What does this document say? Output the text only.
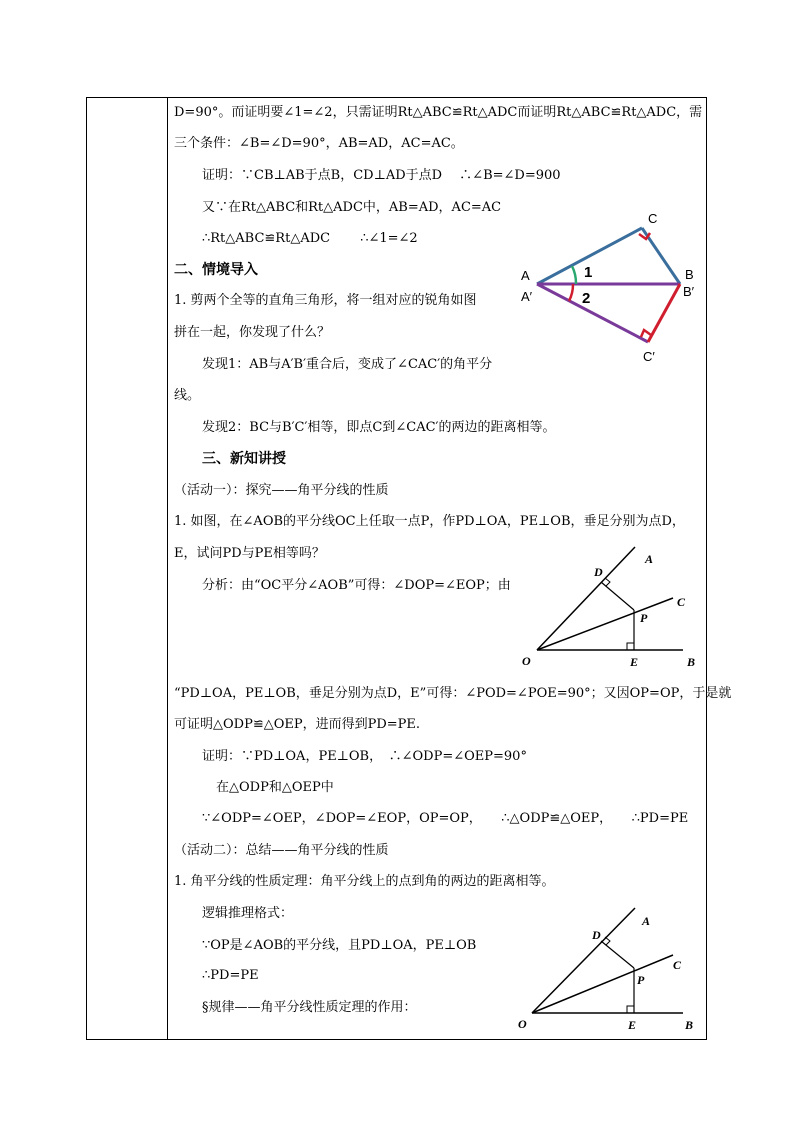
D=90°。而证明要∠1=∠2，只需证明Rt△ABC≌Rt△ADC而证明Rt△ABC≌Rt△ADC，需
三个条件：∠B=∠D=90°，AB=AD，AC=AC。
证明：∵CB⊥AB于点B，CD⊥AD于点D　 ∴∠B=∠D=900
又∵在Rt△ABC和Rt△ADC中，AB=AD，AC=AC
∴Rt△ABC≌Rt△ADC　　 ∴∠1=∠2
二、情境导入
1. 剪两个全等的直角三角形，将一组对应的锐角如图
拼在一起，你发现了什么？
发现1：AB与A′B′重合后，变成了∠CAC′的角平分
线。
发现2：BC与B′C′相等，即点C到∠CAC′的两边的距离相等。
三、新知讲授
（活动一）：探究——角平分线的性质
1. 如图，在∠AOB的平分线OC上任取一点P，作PD⊥OA，PE⊥OB，垂足分别为点D，
E，试问PD与PE相等吗？
分析：由“OC平分∠AOB”可得：∠DOP=∠EOP；由
“PD⊥OA，PE⊥OB，垂足分别为点D，E”可得：∠POD=∠POE=90°；又因OP=OP，于是就
可证明△ODP≌△OEP，进而得到PD=PE.
证明：∵PD⊥OA，PE⊥OB，　∴∠ODP=∠OEP=90°
在△ODP和△OEP中
∵∠ODP=∠OEP，∠DOP=∠EOP，OP=OP，　　∴△ODP≌△OEP，　　∴PD=PE
（活动二）：总结——角平分线的性质
1. 角平分线的性质定理：角平分线上的点到角的两边的距离相等。
逻辑推理格式：
∵OP是∠AOB的平分线，且PD⊥OA，PE⊥OB
∴PD=PE
§规律——角平分线性质定理的作用：
A
A′
B
B′
C
C′
1
2
O
A
B
C
D
E
P
O
A
B
C
D
E
P
